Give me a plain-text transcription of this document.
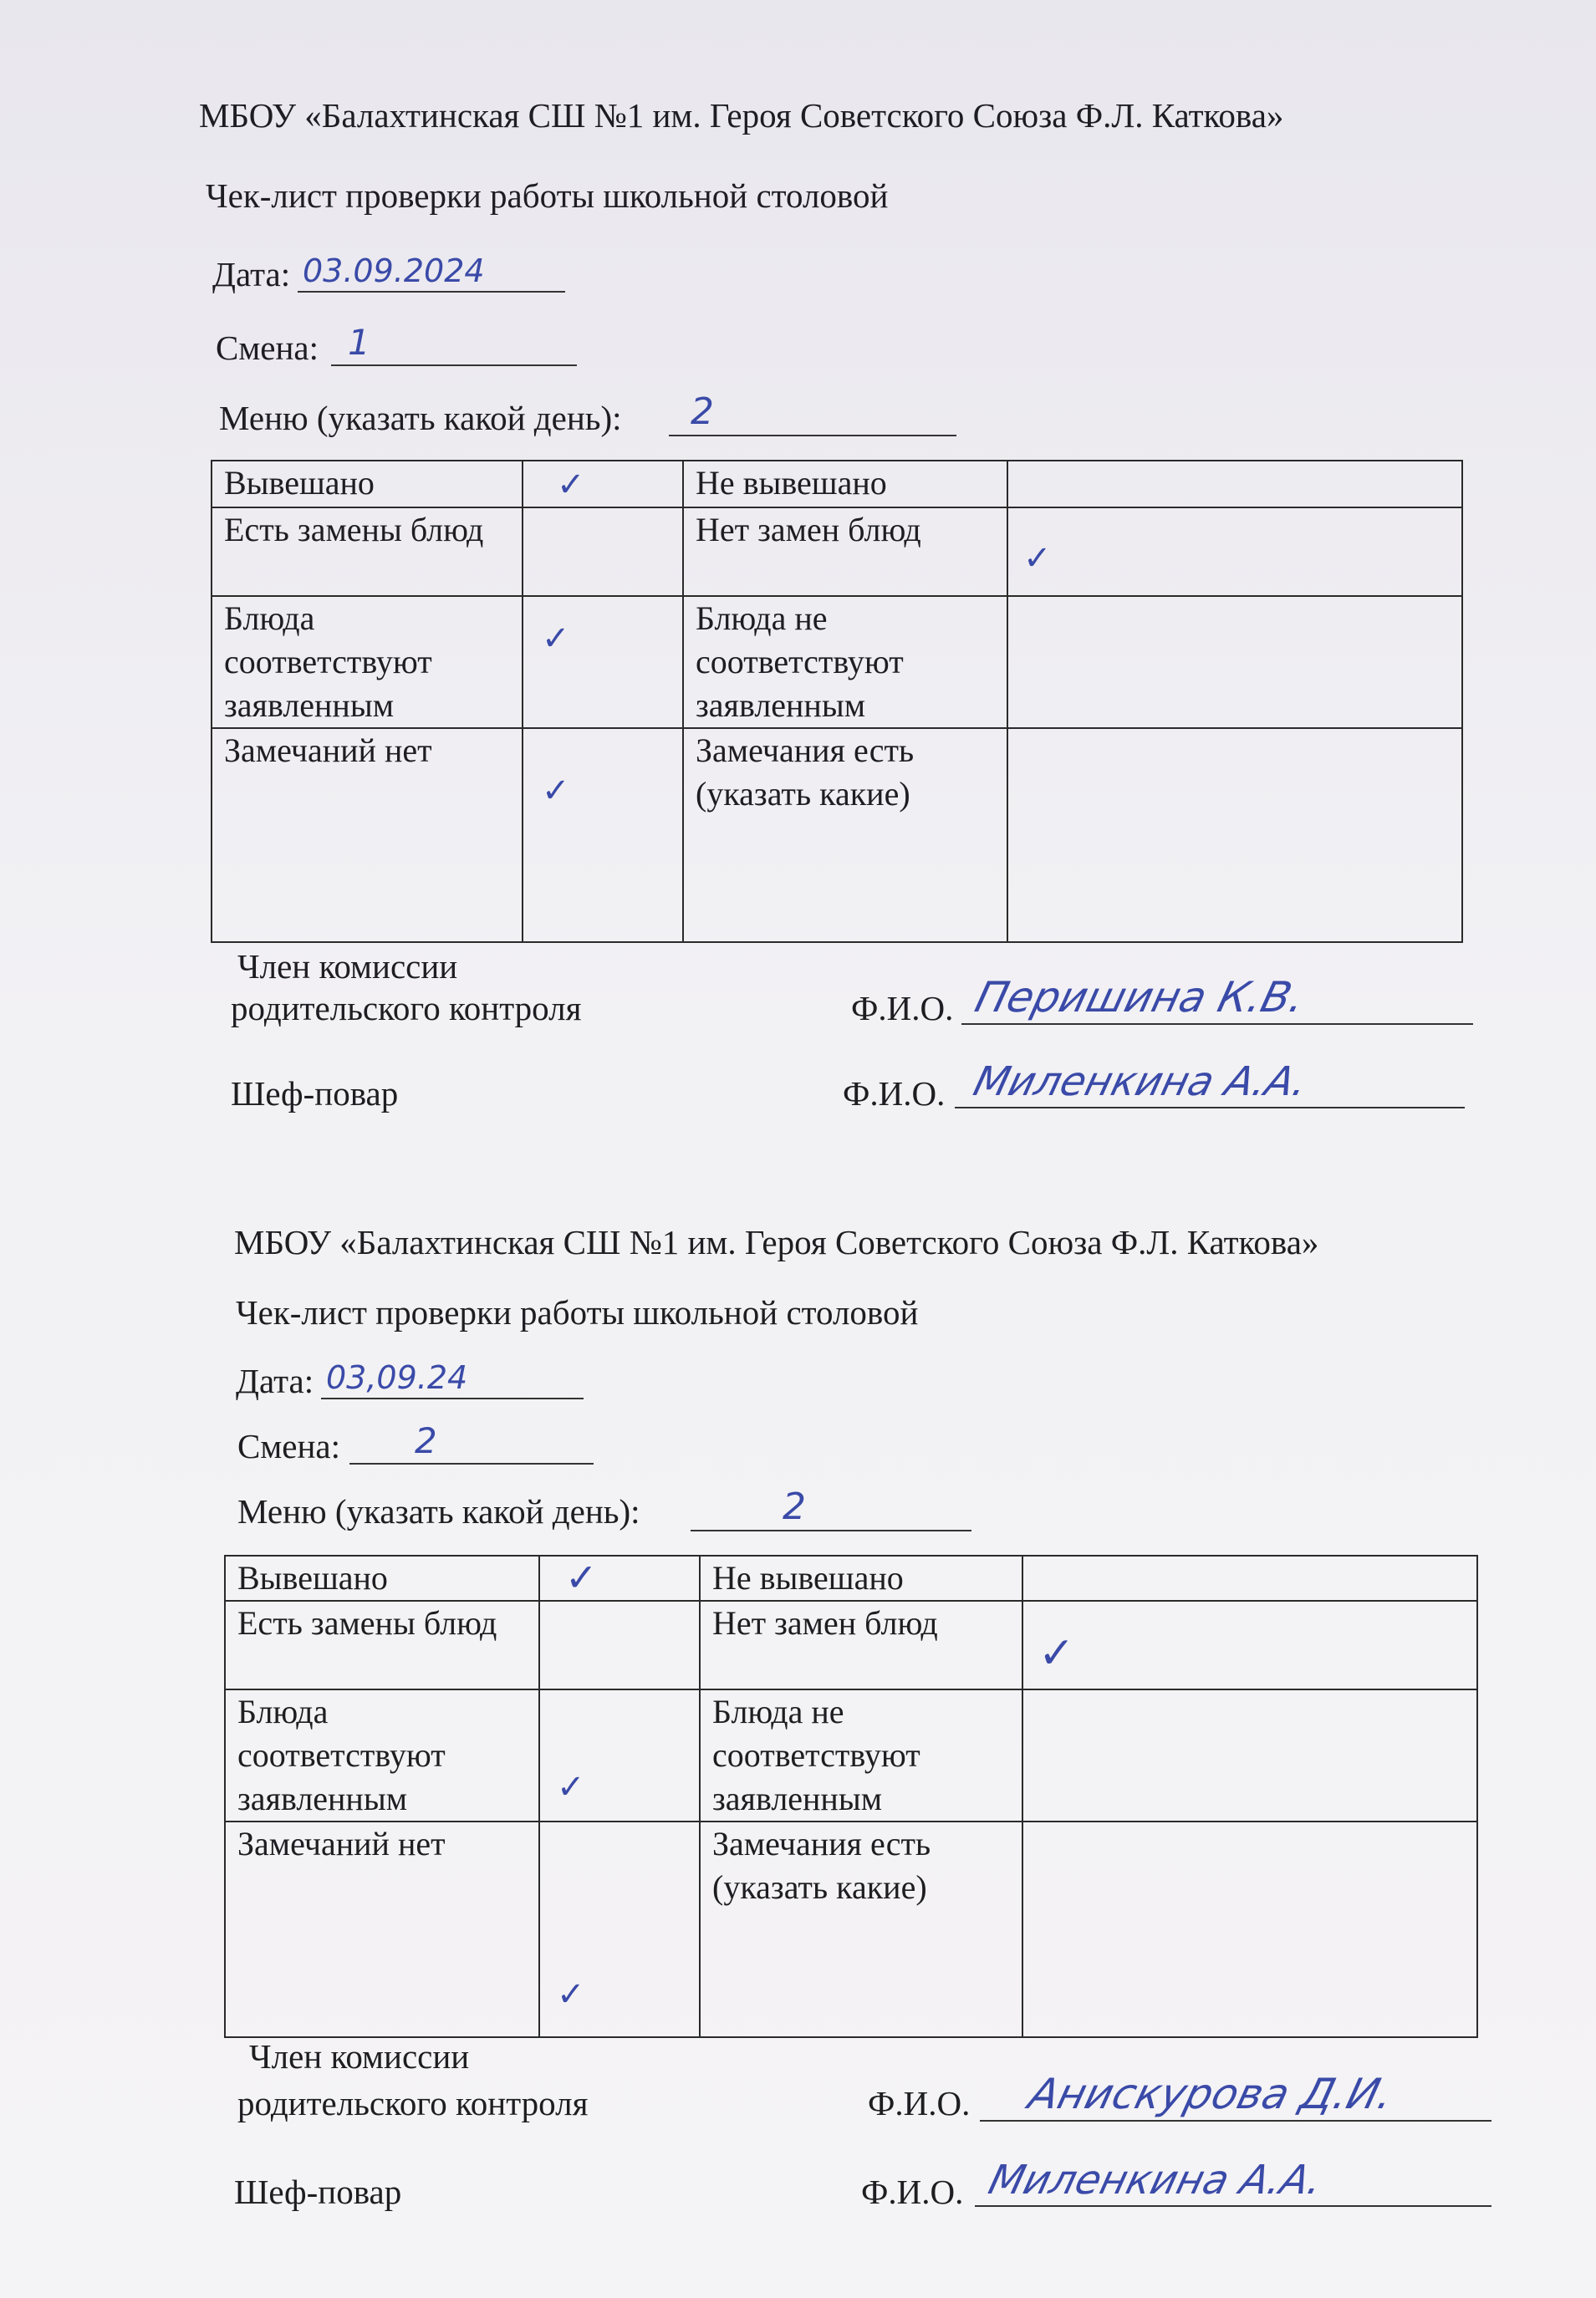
МБОУ «Балахтинская СШ №1 им. Героя Советского Союза Ф.Л. Каткова»
Чек-лист проверки работы школьной столовой
Дата: 03.09.2024
Смена: 1
Меню (указать какой день): 2
Вывешано	✓	Не вывешано	

Есть замены блюд		Нет замен блюд	✓

Блюда соответствуют заявленным	✓	Блюда не соответствуют заявленным	

Замечаний нет	✓	Замечания есть (указать какие)	
Член комиссии
родительского контроля	Ф.И.О. Перишина К.В.
Шеф-повар	Ф.И.О. Миленкина А.А.
МБОУ «Балахтинская СШ №1 им. Героя Советского Союза Ф.Л. Каткова»
Чек-лист проверки работы школьной столовой
Дата: 03,09.24
Смена: 2
Меню (указать какой день):	2
Вывешано	✓	Не вывешано	

Есть замены блюд		Нет замен блюд	✓

Блюда соответствуют заявленным	✓	Блюда не соответствуют заявленным	

Замечаний нет	✓	Замечания есть (указать какие)	
Член комиссии
родительского контроля	Ф.И.О. Анискурова Д.И.
Шеф-повар	Ф.И.О. Миленкина А.А.
